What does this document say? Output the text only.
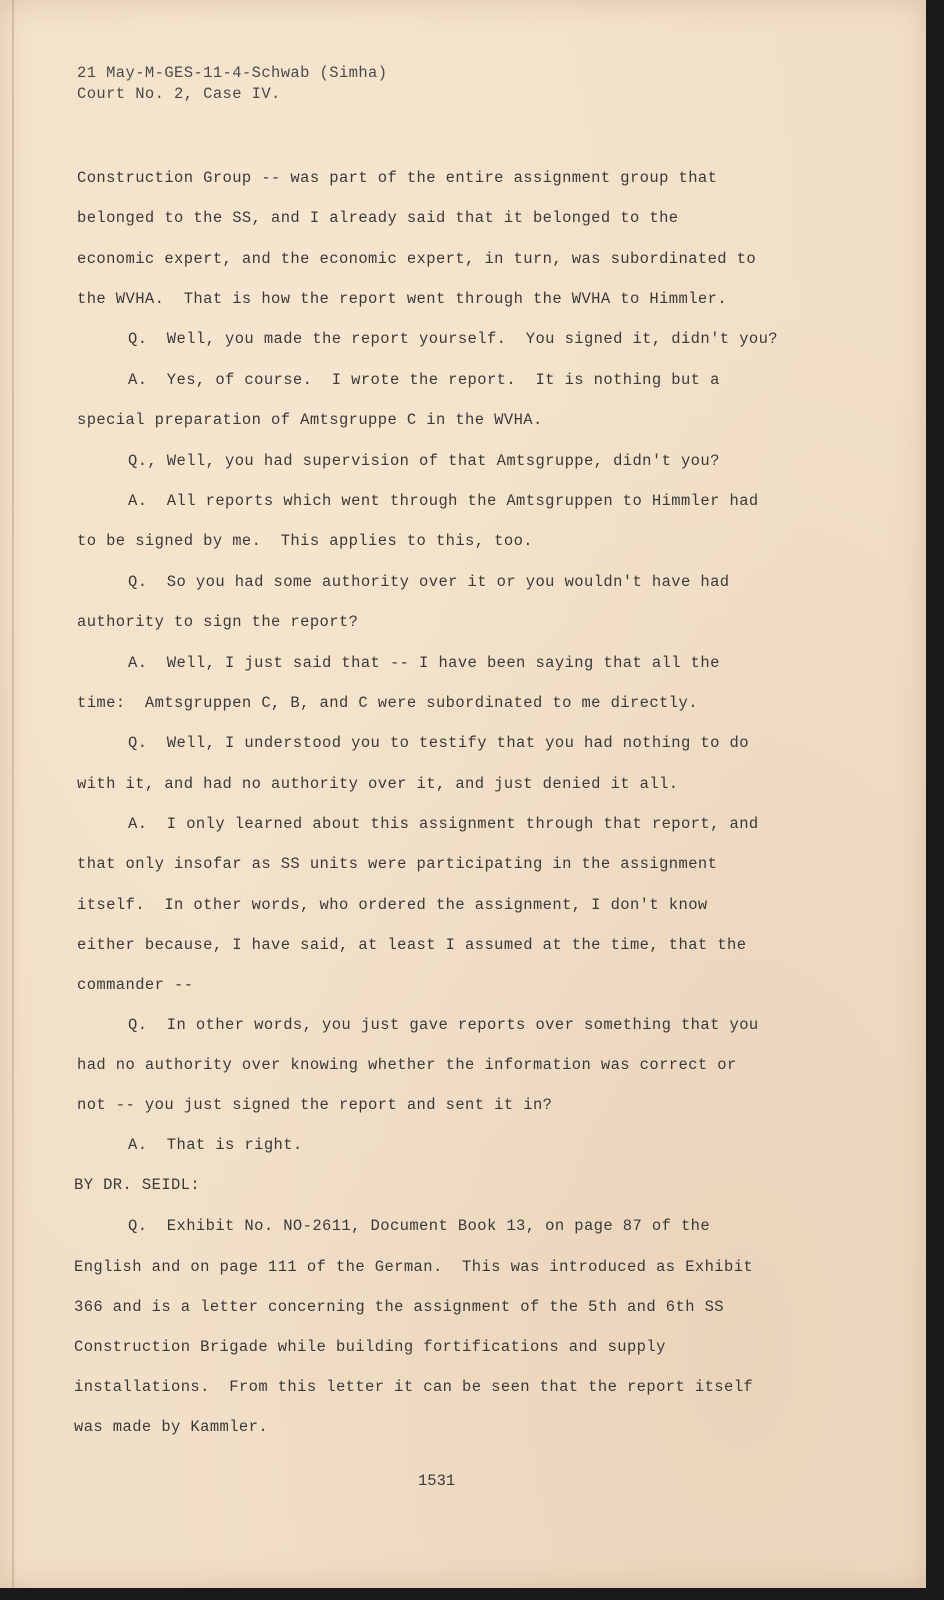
21 May-M-GES-11-4-Schwab (Simha)
Court No. 2, Case IV.
Construction Group -- was part of the entire assignment group that
belonged to the SS, and I already said that it belonged to the
economic expert, and the economic expert, in turn, was subordinated to
the WVHA.  That is how the report went through the WVHA to Himmler.
Q.  Well, you made the report yourself.  You signed it, didn't you?
A.  Yes, of course.  I wrote the report.  It is nothing but a
special preparation of Amtsgruppe C in the WVHA.
Q., Well, you had supervision of that Amtsgruppe, didn't you?
A.  All reports which went through the Amtsgruppen to Himmler had
to be signed by me.  This applies to this, too.
Q.  So you had some authority over it or you wouldn't have had
authority to sign the report?
A.  Well, I just said that -- I have been saying that all the
time:  Amtsgruppen C, B, and C were subordinated to me directly.
Q.  Well, I understood you to testify that you had nothing to do
with it, and had no authority over it, and just denied it all.
A.  I only learned about this assignment through that report, and
that only insofar as SS units were participating in the assignment
itself.  In other words, who ordered the assignment, I don't know
either because, I have said, at least I assumed at the time, that the
commander --
Q.  In other words, you just gave reports over something that you
had no authority over knowing whether the information was correct or
not -- you just signed the report and sent it in?
A.  That is right.
BY DR. SEIDL:
Q.  Exhibit No. NO-2611, Document Book 13, on page 87 of the
English and on page 111 of the German.  This was introduced as Exhibit
366 and is a letter concerning the assignment of the 5th and 6th SS
Construction Brigade while building fortifications and supply
installations.  From this letter it can be seen that the report itself
was made by Kammler.
1531
